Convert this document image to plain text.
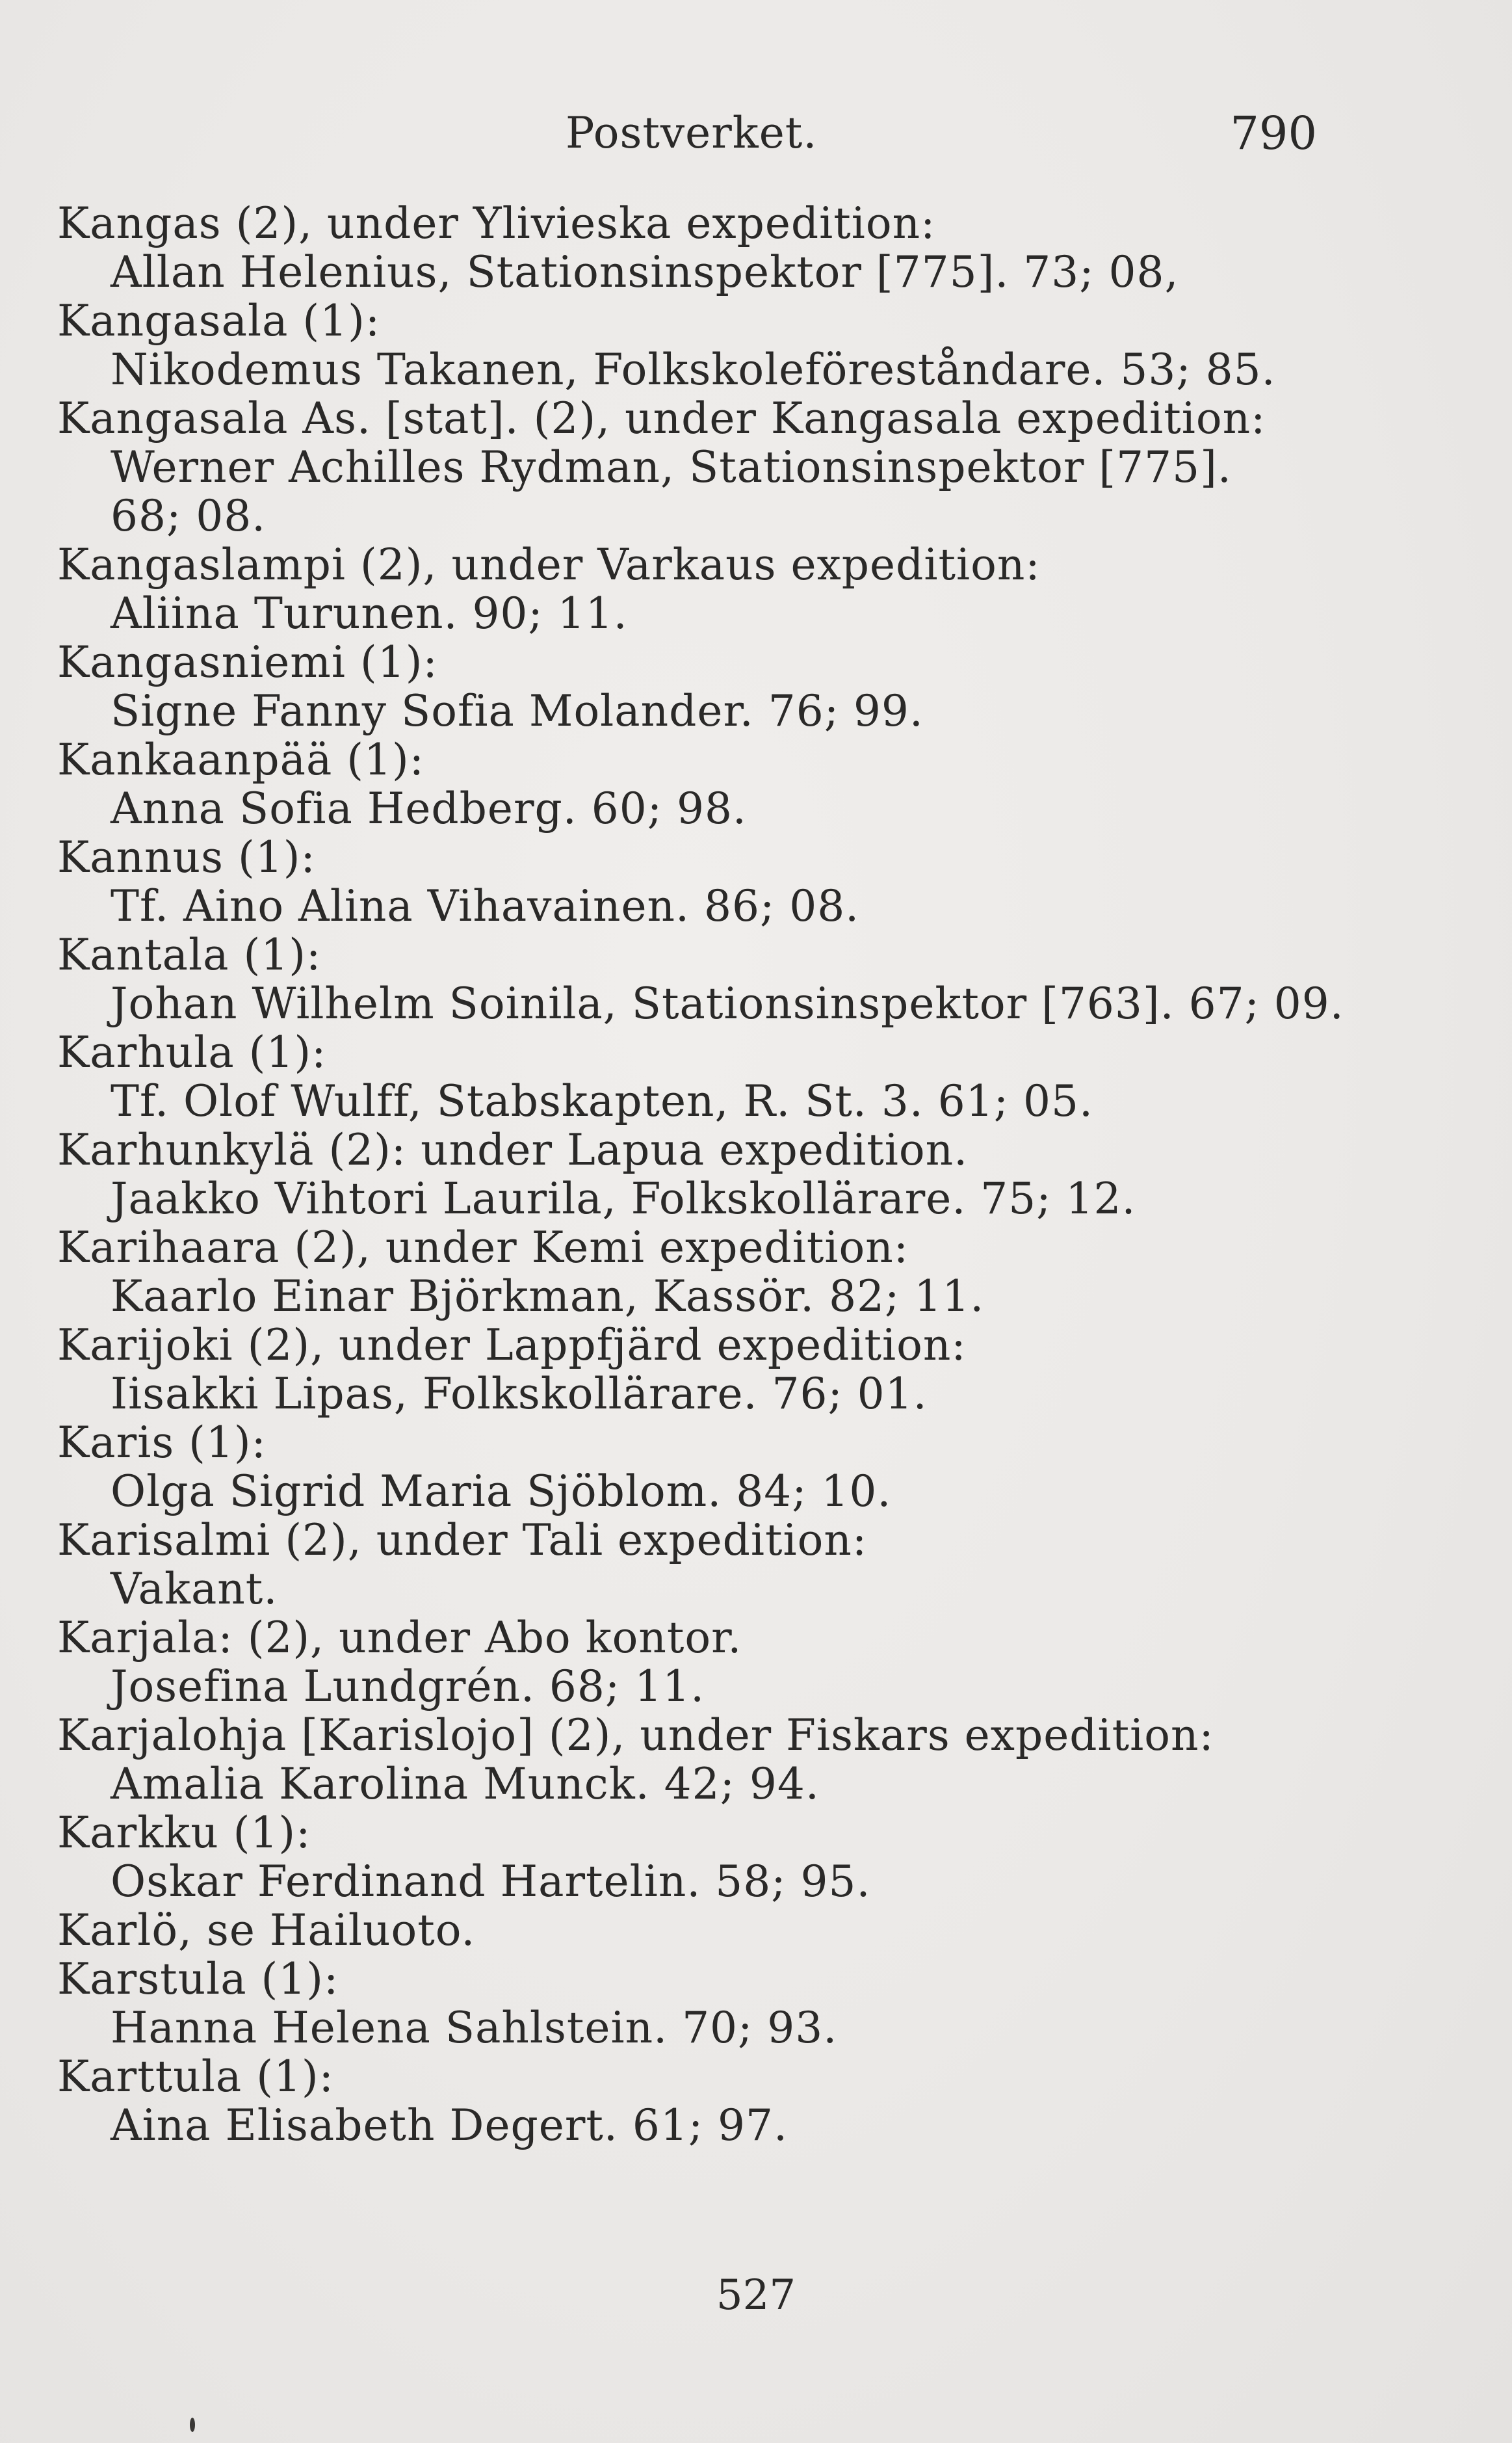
Postverket.	790
Kangas (2), under Ylivieska expedition:
Allan Helenius, Stationsinspektor [775]. 73; 08,
Kangasala (1):
Nikodemus Takanen, Folkskoleföreståndare. 53; 85.
Kangasala As. [stat]. (2), under Kangasala expedition:
Werner Achilles Rydman, Stationsinspektor [775].
68; 08.
Kangaslampi (2), under Varkaus expedition:
Aliina Turunen. 90; 11.
Kangasniemi (1):
Signe Fanny Sofia Molander. 76; 99.
Kankaanpää (1):
Anna Sofia Hedberg. 60; 98.
Kannus (1):
Tf. Aino Alina Vihavainen. 86; 08.
Kantala (1):
Johan Wilhelm Soinila, Stationsinspektor [763]. 67; 09.
Karhula (1):
Tf. Olof Wulff, Stabskapten, R. St. 3. 61; 05.
Karhunkylä (2): under Lapua expedition.
Jaakko Vihtori Laurila, Folkskollärare. 75; 12.
Karihaara (2), under Kemi expedition:
Kaarlo Einar Björkman, Kassör. 82; 11.
Karijoki (2), under Lappfjärd expedition:
Iisakki Lipas, Folkskollärare. 76; 01.
Karis (1):
Olga Sigrid Maria Sjöblom. 84; 10.
Karisalmi (2), under Tali expedition:
Vakant.
Karjala: (2), under Abo kontor.
Josefina Lundgrén. 68; 11.
Karjalohja [Karislojo] (2), under Fiskars expedition:
Amalia Karolina Munck. 42; 94.
Karkku (1):
Oskar Ferdinand Hartelin. 58; 95.
Karlö, se Hailuoto.
Karstula (1):
Hanna Helena Sahlstein. 70; 93.
Karttula (1):
Aina Elisabeth Degert. 61; 97.
527
